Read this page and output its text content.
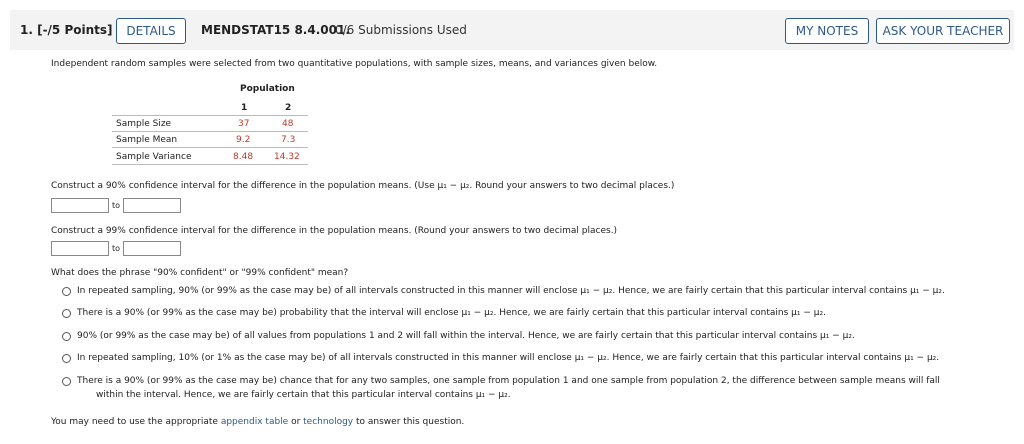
1. [-/5 Points]	DETAILS	MENDSTAT15 8.4.001.
0/6 Submissions Used	MY NOTES	ASK YOUR TEACHER
Independent random samples were selected from two quantitative populations, with sample sizes, means, and variances given below.
Population
1	2
Sample Size	37	48
Sample Mean	9.2	7.3
Sample Variance	8.48 14.32
Construct a 90% confidence interval for the difference in the population means. (Use μ₁ − μ₂. Round your answers to two decimal places.)
to
Construct a 99% confidence interval for the difference in the population means. (Round your answers to two decimal places.)
to
What does the phrase "90% confident" or "99% confident" mean?
In repeated sampling, 90% (or 99% as the case may be) of all intervals constructed in this manner will enclose μ₁ − μ₂. Hence, we are fairly certain that this particular interval contains μ₁ − μ₂.
There is a 90% (or 99% as the case may be) probability that the interval will enclose μ₁ − μ₂. Hence, we are fairly certain that this particular interval contains μ₁ − μ₂.
90% (or 99% as the case may be) of all values from populations 1 and 2 will fall within the interval. Hence, we are fairly certain that this particular interval contains μ₁ − μ₂.
In repeated sampling, 10% (or 1% as the case may be) of all intervals constructed in this manner will enclose μ₁ − μ₂. Hence, we are fairly certain that this particular interval contains μ₁ − μ₂.
There is a 90% (or 99% as the case may be) chance that for any two samples, one sample from population 1 and one sample from population 2, the difference between sample means will fall
within the interval. Hence, we are fairly certain that this particular interval contains μ₁ − μ₂.
You may need to use the appropriate appendix table or technology to answer this question.
